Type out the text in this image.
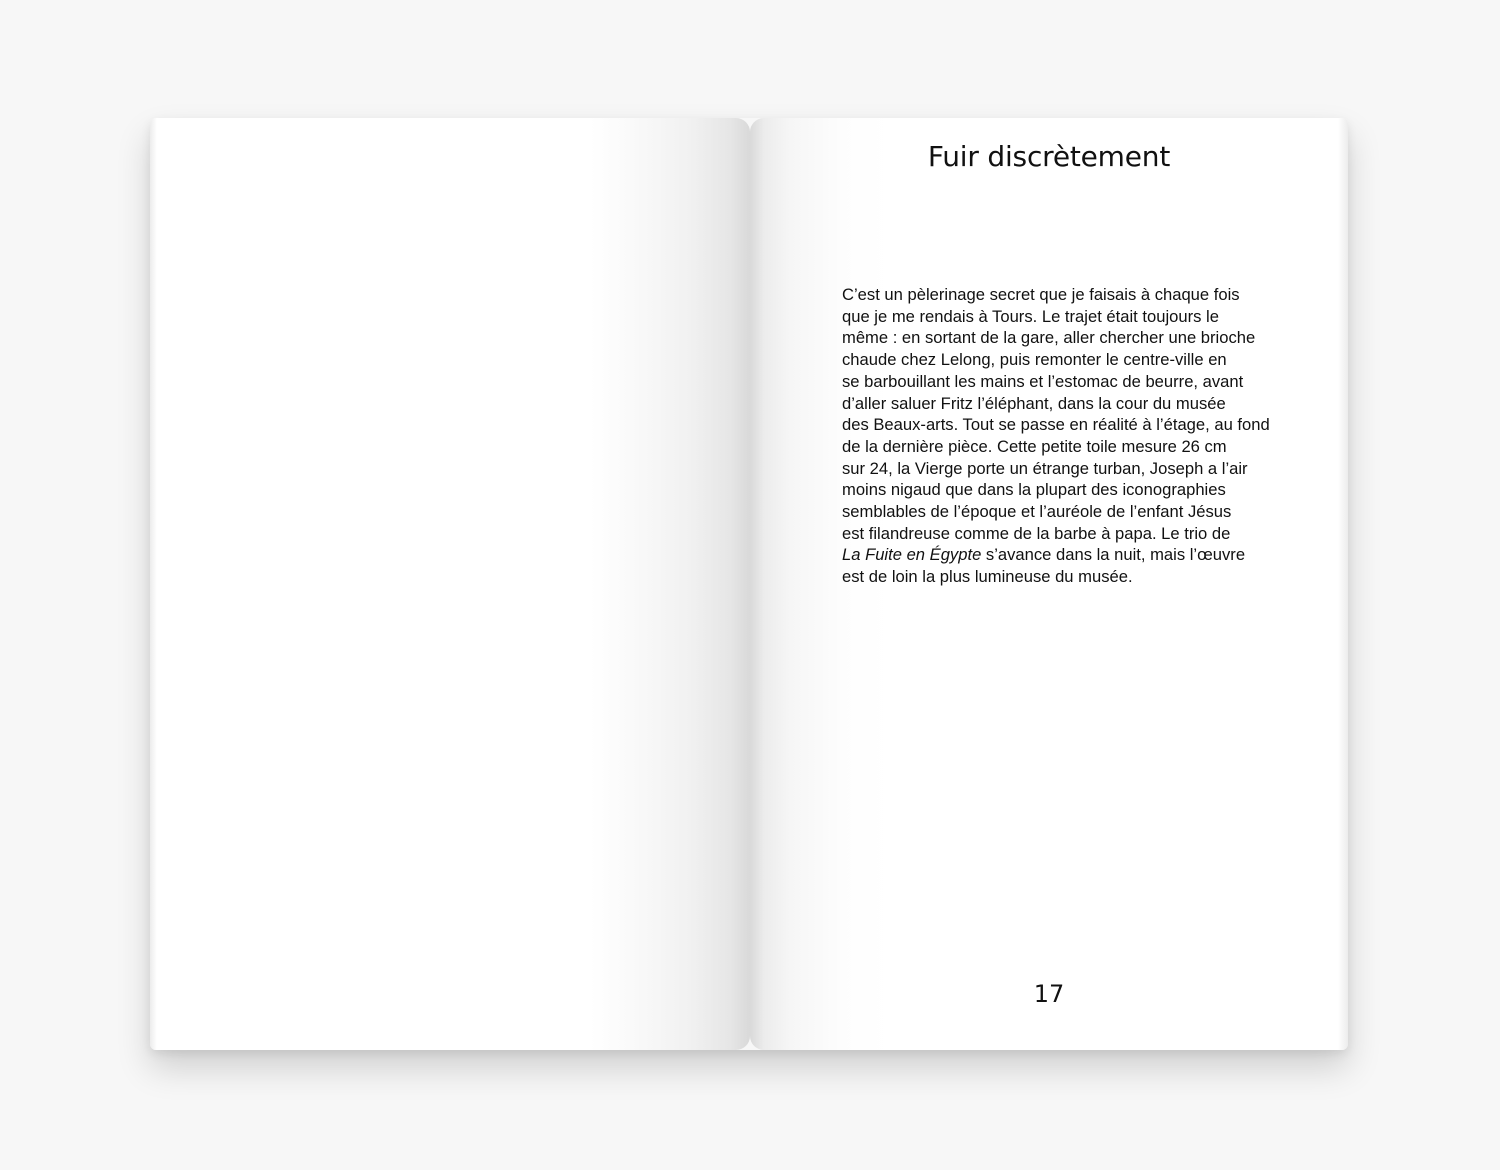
Fuir discrètement

C’est un pèlerinage secret que je faisais à chaque fois
que je me rendais à Tours. Le trajet était toujours le
même : en sortant de la gare, aller chercher une brioche
chaude chez Lelong, puis remonter le centre-ville en
se barbouillant les mains et l’estomac de beurre, avant
d’aller saluer Fritz l’éléphant, dans la cour du musée
des Beaux-arts. Tout se passe en réalité à l’étage, au fond
de la dernière pièce. Cette petite toile mesure 26 cm
sur 24, la Vierge porte un étrange turban, Joseph a l’air
moins nigaud que dans la plupart des iconographies
semblables de l’époque et l’auréole de l’enfant Jésus
est filandreuse comme de la barbe à papa. Le trio de
La Fuite en Égypte s’avance dans la nuit, mais l’œuvre
est de loin la plus lumineuse du musée.

17
